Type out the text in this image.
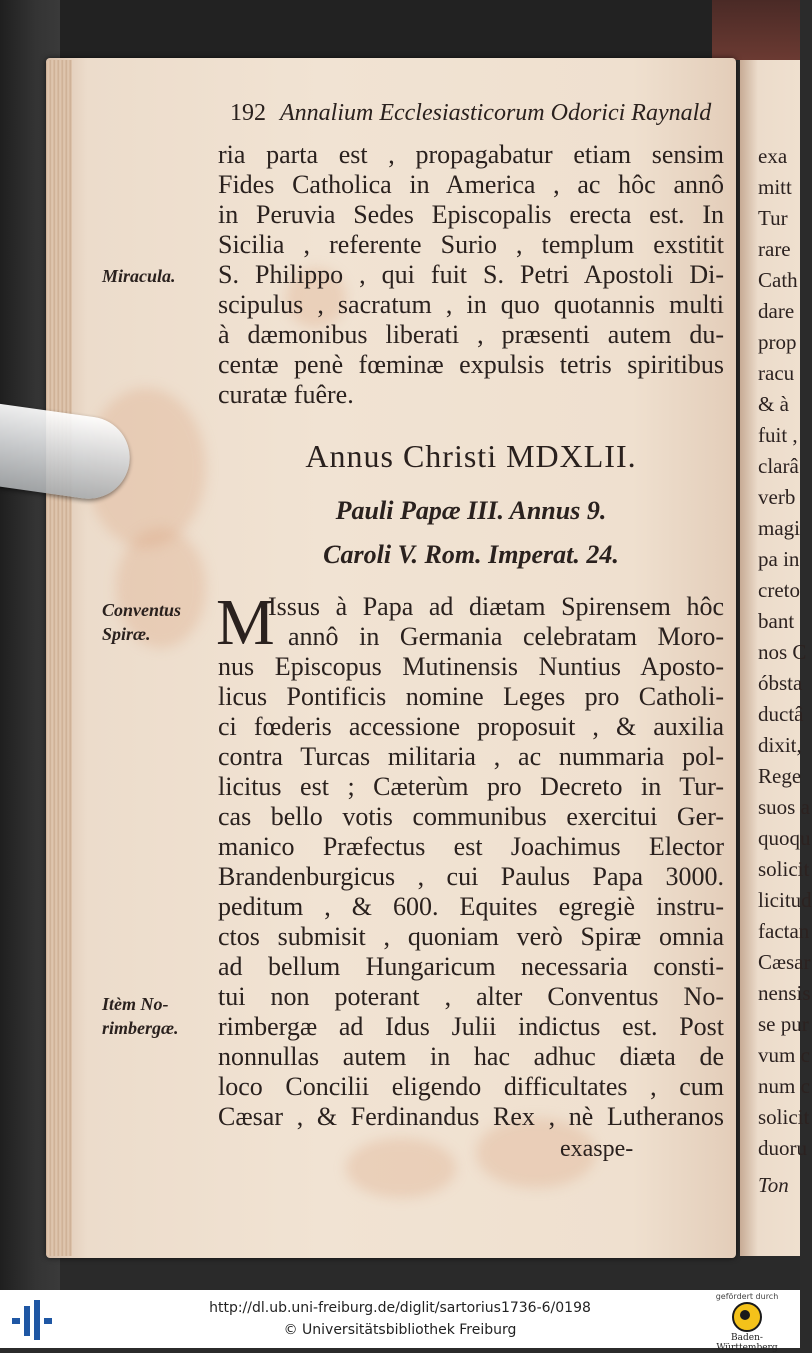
exa
mitt
Tur
rare
Cath
dare
prop
racu
& à
fuit ,
clarâ
verb
magi
pa in
creto
bant
nos C
óbsta
ductâ
dixit,
Rege
suos a
quoqu
solicit
licitud
factan
Cæsar
nensis
se pur
vum c
num c
solicit
duoru
Ton
192 Annalium Ecclesiasticorum Odorici Raynald
ria parta est , propagabatur etiam sensim
Fides Catholica in America , ac hôc annô
in Peruvia Sedes Episcopalis erecta est. In
Sicilia , referente Surio , templum exstitit
S. Philippo , qui fuit S. Petri Apostoli Di-
scipulus , sacratum , in quo quotannis multi
à dæmonibus liberati , præsenti autem du-
centæ penè fœminæ expulsis tetris spiritibus
curatæ fuêre.
Miracula.
Annus Christi MDXLII.
Pauli Papæ III. Annus 9.
Caroli V. Rom. Imperat. 24.
Conventus
Spiræ.
Itèm No-
rimbergæ.
M
Issus à Papa ad diætam Spirensem hôc
annô in Germania celebratam Moro-
nus Episcopus Mutinensis Nuntius Aposto-
licus Pontificis nomine Leges pro Catholi-
ci fœderis accessione proposuit , & auxilia
contra Turcas militaria , ac nummaria pol-
licitus est ; Cæterùm pro Decreto in Tur-
cas bello votis communibus exercitui Ger-
manico Præfectus est Joachimus Elector
Brandenburgicus , cui Paulus Papa 3000.
peditum , & 600. Equites egregiè instru-
ctos submisit , quoniam verò Spiræ omnia
ad bellum Hungaricum necessaria consti-
tui non poterant , alter Conventus No-
rimbergæ ad Idus Julii indictus est. Post
nonnullas autem in hac adhuc diæta de
loco Concilii eligendo difficultates , cum
Cæsar , & Ferdinandus Rex , nè Lutheranos
exaspe-
http://dl.ub.uni-freiburg.de/diglit/sartorius1736-6/0198
© Universitätsbibliothek Freiburg
gefördert durch
Baden-Württemberg
